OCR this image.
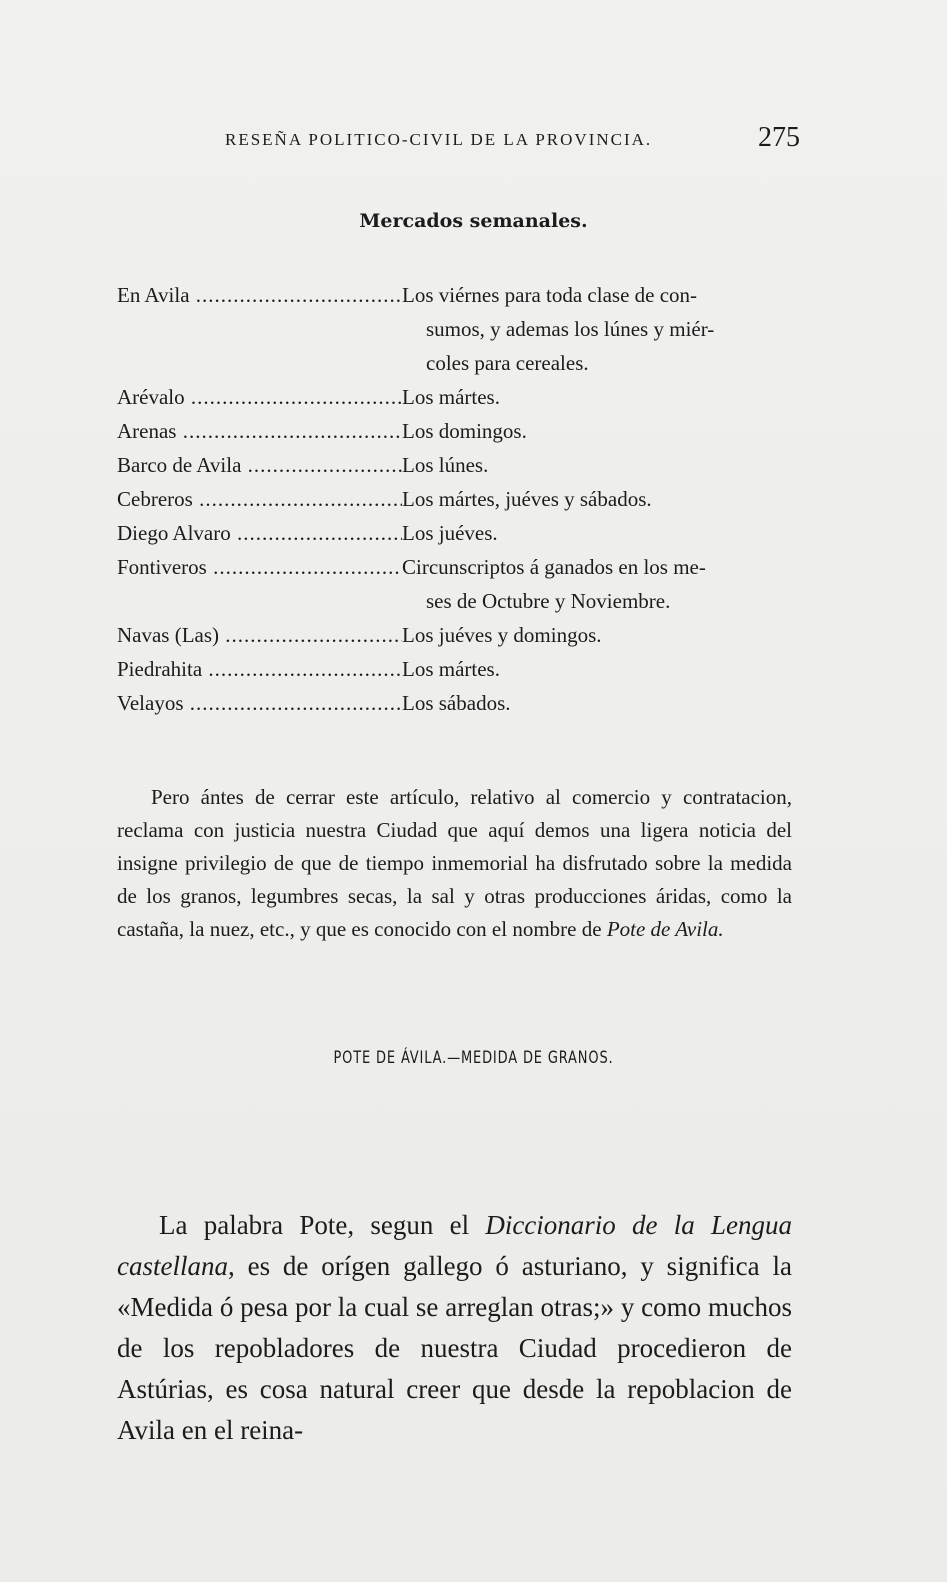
RESEÑA POLITICO-CIVIL DE LA PROVINCIA.	275
Mercados semanales.
En Avila .....	Los viérnes para toda clase de con-
sumos, y ademas los lúnes y miér-
coles para cereales.
Arévalo .....	Los mártes.
Arenas .....	Los domingos.
Barco de Avila .....	Los lúnes.
Cebreros .....	Los mártes, juéves y sábados.
Diego Alvaro .....	Los juéves.
Fontiveros .....	Circunscriptos á ganados en los me-
ses de Octubre y Noviembre.
Navas (Las) .....	Los juéves y domingos.
Piedrahita .....	Los mártes.
Velayos .....	Los sábados.

Pero ántes de cerrar este artículo, relativo al comercio y contratacion, reclama con justicia nuestra Ciudad que aquí demos una ligera noticia del insigne privilegio de que de tiempo inmemorial ha disfrutado sobre la medida de los granos, legumbres secas, la sal y otras producciones áridas, como la castaña, la nuez, etc., y que es conocido con el nombre de Pote de Avila.

POTE DE ÁVILA.—MEDIDA DE GRANOS.

La palabra Pote, segun el Diccionario de la Lengua castellana, es de orígen gallego ó asturiano, y significa la «Medida ó pesa por la cual se arreglan otras;» y como muchos de los repobladores de nuestra Ciudad procedieron de Astúrias, es cosa natural creer que desde la repoblacion de Avila en el reina-
